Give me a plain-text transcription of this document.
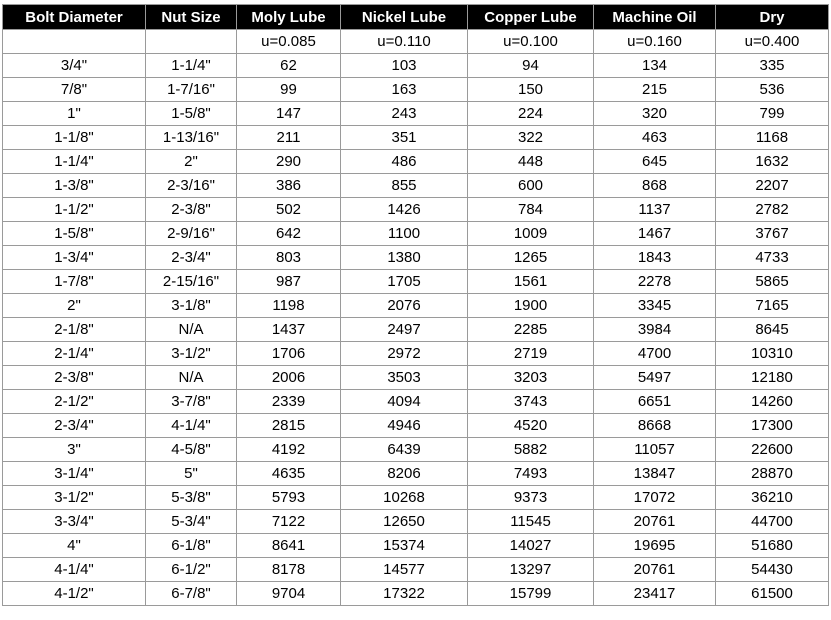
Bolt Diameter	Nut Size	Moly Lube	Nickel Lube	Copper Lube	Machine Oil	Dry
		u=0.085	u=0.110	u=0.100	u=0.160	u=0.400
3/4"	1-1/4"	62	103	94	134	335
7/8"	1-7/16"	99	163	150	215	536
1"	1-5/8"	147	243	224	320	799
1-1/8"	1-13/16"	211	351	322	463	1168
1-1/4"	2"	290	486	448	645	1632
1-3/8"	2-3/16"	386	855	600	868	2207
1-1/2"	2-3/8"	502	1426	784	1137	2782
1-5/8"	2-9/16"	642	1100	1009	1467	3767
1-3/4"	2-3/4"	803	1380	1265	1843	4733
1-7/8"	2-15/16"	987	1705	1561	2278	5865
2"	3-1/8"	1198	2076	1900	3345	7165
2-1/8"	N/A	1437	2497	2285	3984	8645
2-1/4"	3-1/2"	1706	2972	2719	4700	10310
2-3/8"	N/A	2006	3503	3203	5497	12180
2-1/2"	3-7/8"	2339	4094	3743	6651	14260
2-3/4"	4-1/4"	2815	4946	4520	8668	17300
3"	4-5/8"	4192	6439	5882	11057	22600
3-1/4"	5"	4635	8206	7493	13847	28870
3-1/2"	5-3/8"	5793	10268	9373	17072	36210
3-3/4"	5-3/4"	7122	12650	11545	20761	44700
4"	6-1/8"	8641	15374	14027	19695	51680
4-1/4"	6-1/2"	8178	14577	13297	20761	54430
4-1/2"	6-7/8"	9704	17322	15799	23417	61500
